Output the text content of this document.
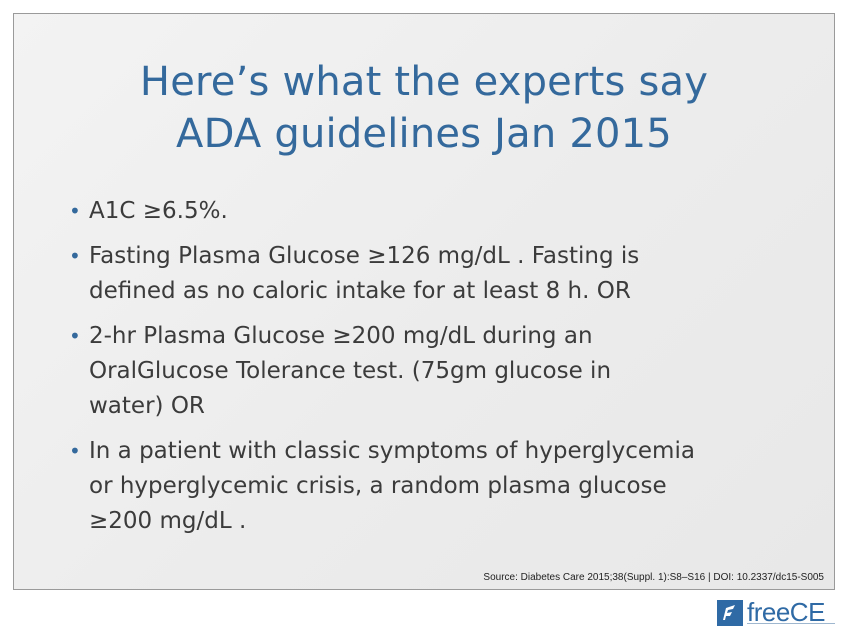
Here’s what the experts say
ADA guidelines Jan 2015
• A1C ≥6.5%.
• Fasting Plasma Glucose ≥126 mg/dL . Fasting is
defined as no caloric intake for at least 8 h. OR
• 2-hr Plasma Glucose ≥200 mg/dL during an
OralGlucose Tolerance test. (75gm glucose in
water) OR
• In a patient with classic symptoms of hyperglycemia
or hyperglycemic crisis, a random plasma glucose
≥200 mg/dL .
Source: Diabetes Care 2015;38(Suppl. 1):S8–S16 | DOI: 10.2337/dc15-S005
freeCE
